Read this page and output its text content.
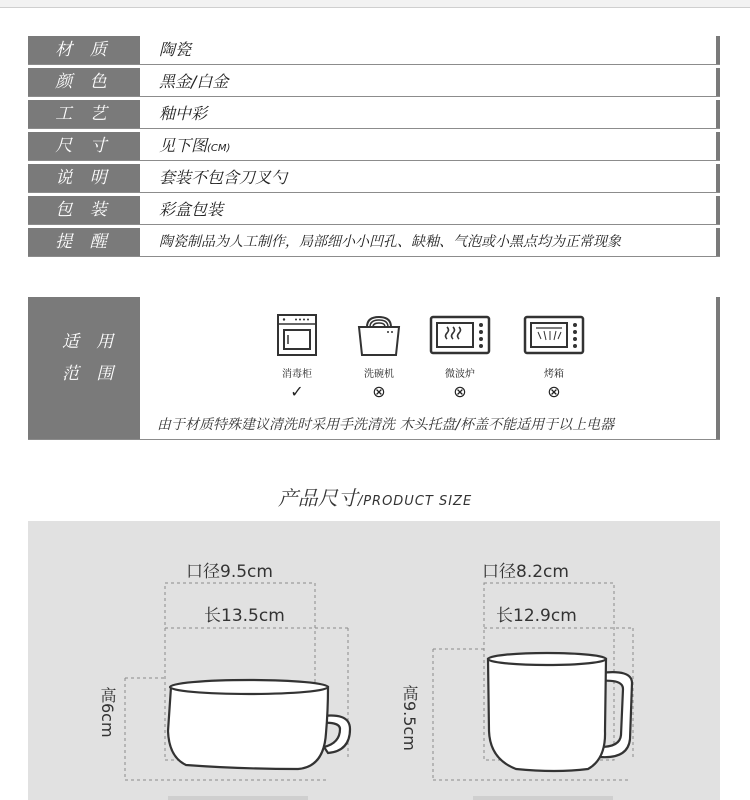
材 质	陶瓷
颜 色	黑金/白金
工 艺	釉中彩
尺 寸	见下图(CM)
说 明	套装不包含刀叉勺
包 装	彩盒包装
提 醒	陶瓷制品为人工制作，局部细小小凹孔、缺釉、气泡或小黑点均为正常现象
适 用
范 围	消毒柜
✓
洗碗机
⊗
微波炉
⊗
烤箱
⊗
由于材质特殊建议清洗时采用手洗清洗 木头托盘/杯盖不能适用于以上电器
产品尺寸/PRODUCT SIZE
口径9.5cm
长13.5cm
高6cm
口径8.2cm
长12.9cm
高9.5cm
